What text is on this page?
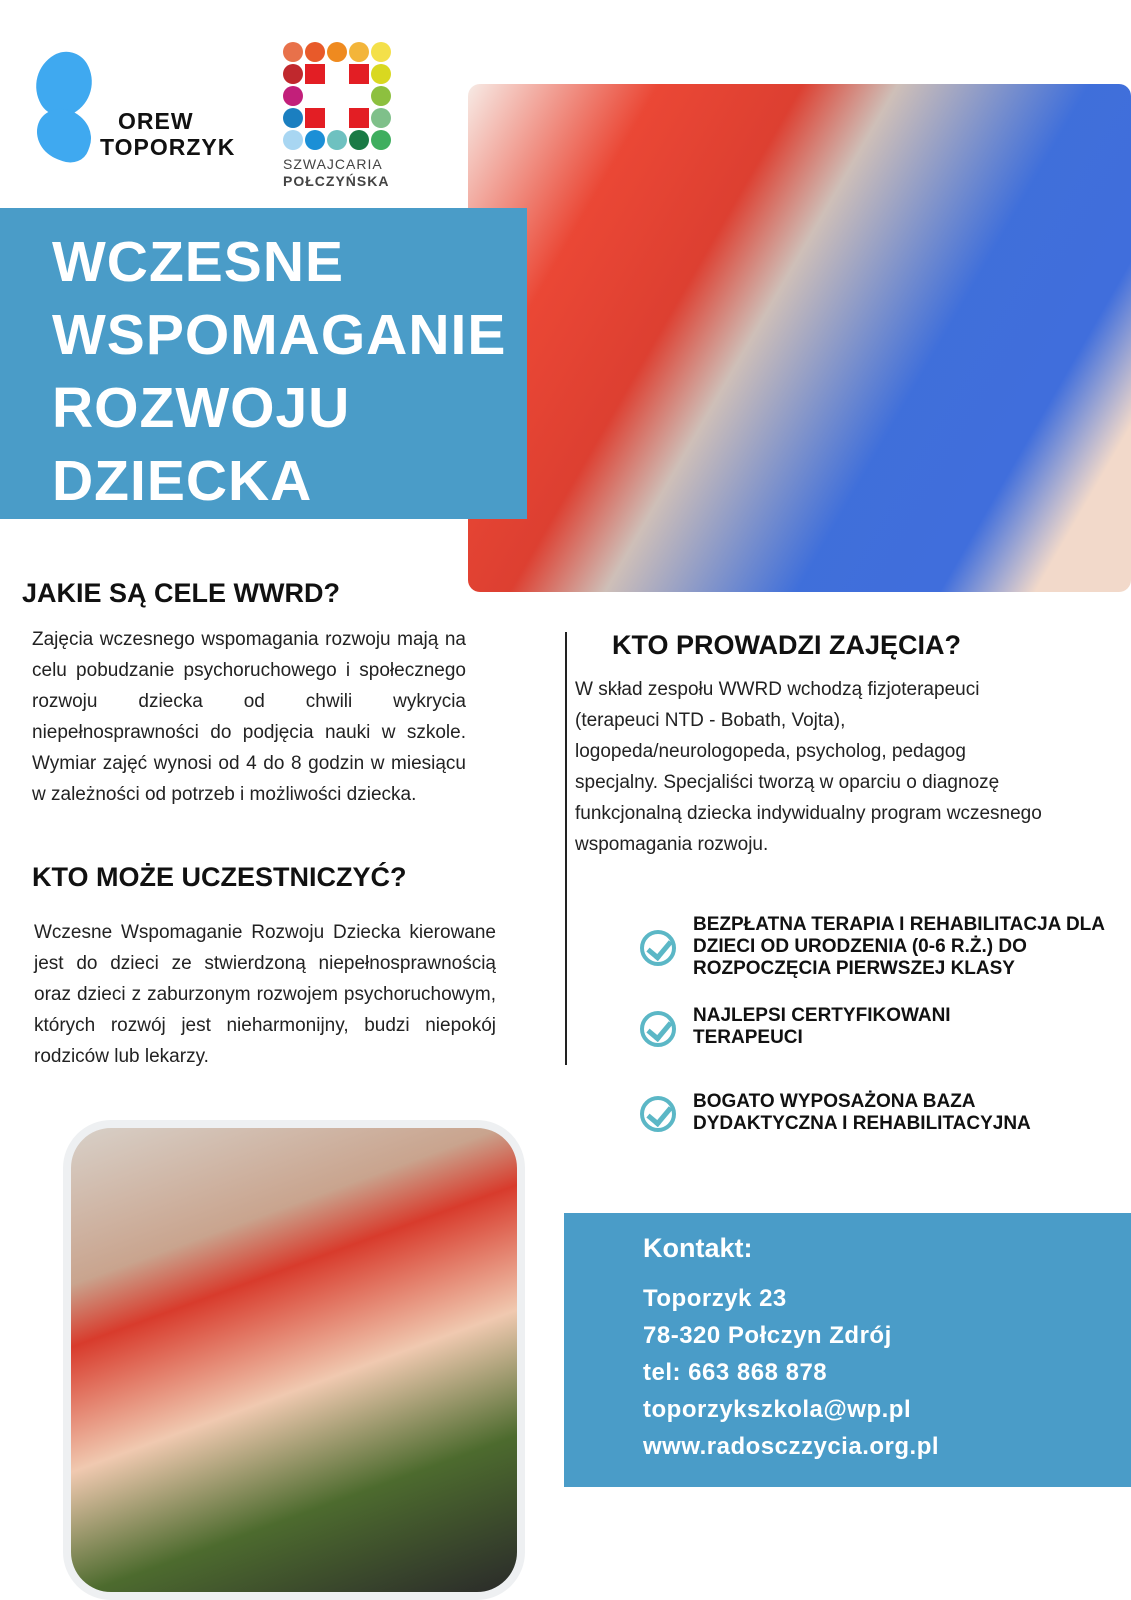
OREW
TOPORZYK
SZWAJCARIA
POŁCZYŃSKA
WCZESNE
WSPOMAGANIE
ROZWOJU
DZIECKA
JAKIE SĄ CELE WWRD?

Zajęcia wczesnego wspomagania rozwoju mają na celu pobudzanie psychoruchowego i społecznego rozwoju dziecka od chwili wykrycia niepełnosprawności do podjęcia nauki w szkole. Wymiar zajęć wynosi od 4 do 8 godzin w miesiącu w zależności od potrzeb i możliwości dziecka.

KTO MOŻE UCZESTNICZYĆ?

Wczesne Wspomaganie Rozwoju Dziecka kierowane jest do dzieci ze stwierdzoną niepełnosprawnością oraz dzieci z zaburzonym rozwojem psychoruchowym, których rozwój jest nieharmonijny, budzi niepokój rodziców lub lekarzy.

KTO PROWADZI ZAJĘCIA?

W skład zespołu WWRD wchodzą fizjoterapeuci (terapeuci NTD - Bobath, Vojta), logopeda/neurologopeda, psycholog, pedagog specjalny. Specjaliści tworzą w oparciu o diagnozę funkcjonalną dziecka indywidualny program wczesnego wspomagania rozwoju.

BEZPŁATNA TERAPIA I REHABILITACJA DLA DZIECI OD URODZENIA (0-6 R.Ż.) DO ROZPOCZĘCIA PIERWSZEJ KLASY
NAJLEPSI CERTYFIKOWANI TERAPEUCI
BOGATO WYPOSAŻONA BAZA DYDAKTYCZNA I REHABILITACYJNA
Kontakt:
Toporzyk 23
78-320 Połczyn Zdrój
tel: 663 868 878
toporzykszkola@wp.pl
www.radosczzycia.org.pl
